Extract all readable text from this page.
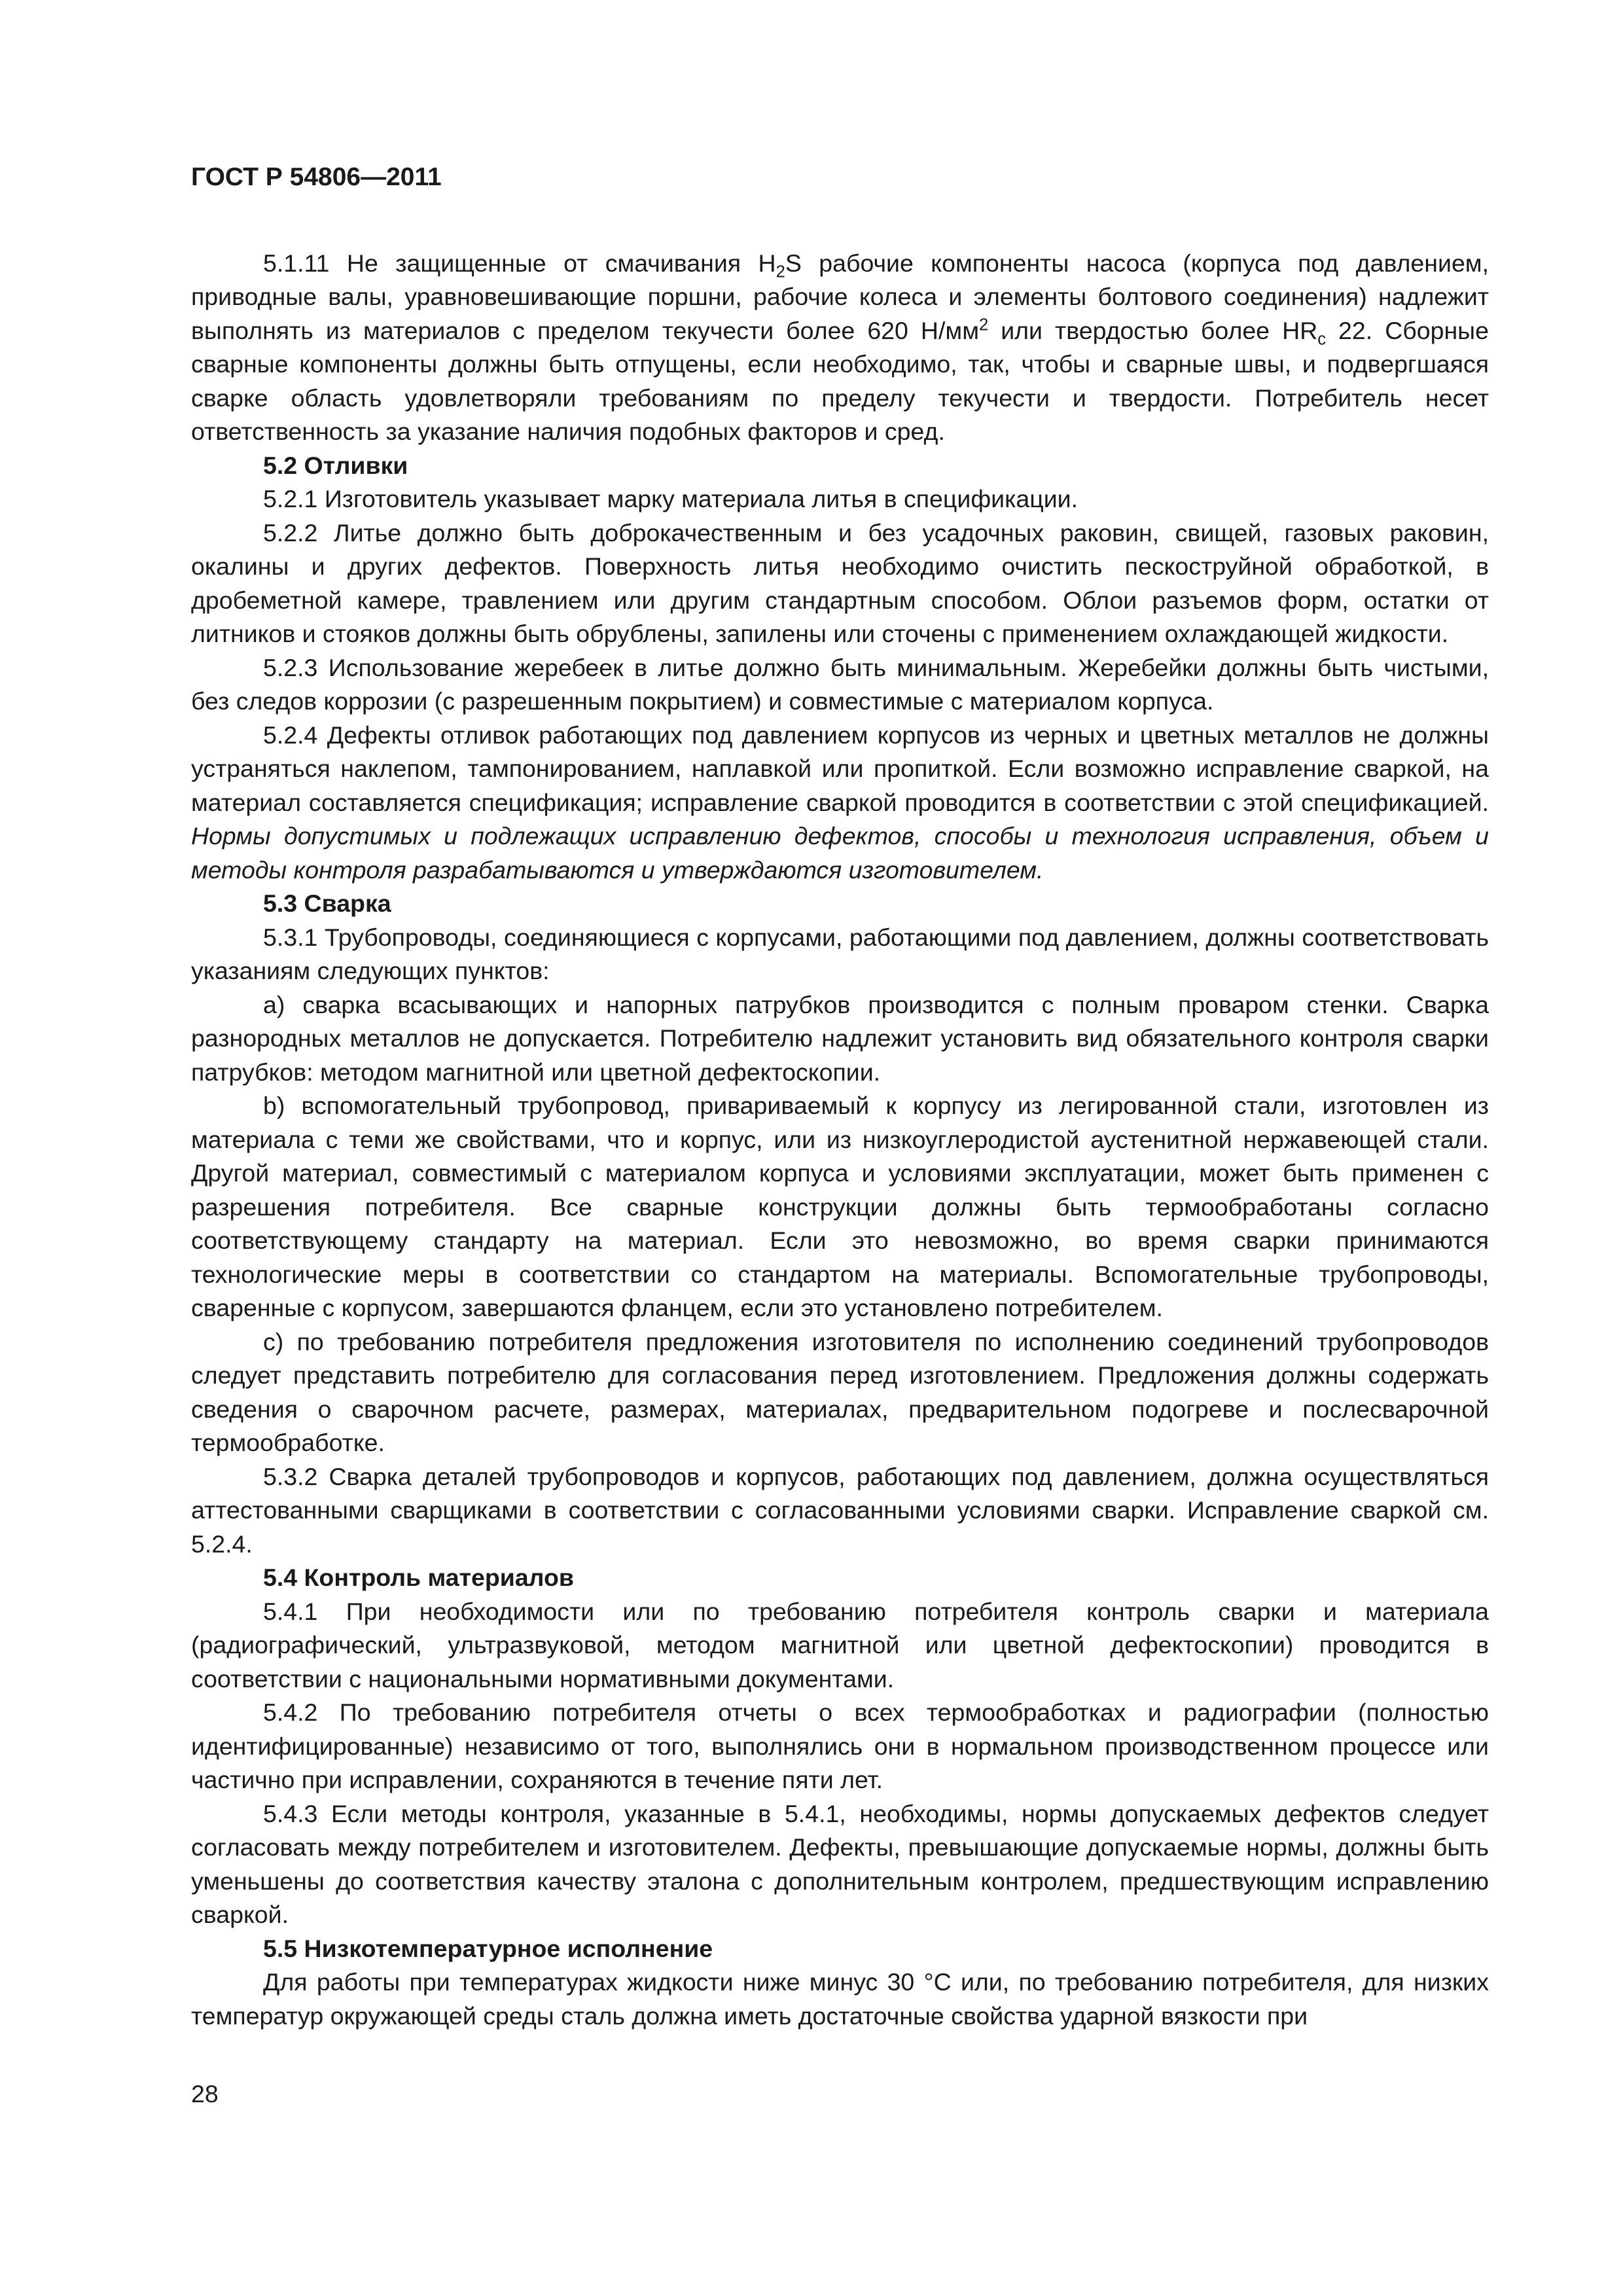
ГОСТ Р 54806—2011

5.1.11 Не защищенные от смачивания $H_2S$ рабочие компоненты насоса (корпуса под давлением, приводные валы, уравновешивающие поршни, рабочие колеса и элементы болтового соединения) надлежит выполнять из материалов с пределом текучести более 620 $Н/мм^2$ или твердостью более $HR_c$ 22. Сборные сварные компоненты должны быть отпущены, если необходимо, так, чтобы и сварные швы, и подвергшаяся сварке область удовлетворяли требованиям по пределу текучести и твердости. Потребитель несет ответственность за указание наличия подобных факторов и сред.

5.2 Отливки

5.2.1 Изготовитель указывает марку материала литья в спецификации.

5.2.2 Литье должно быть доброкачественным и без усадочных раковин, свищей, газовых раковин, окалины и других дефектов. Поверхность литья необходимо очистить пескоструйной обработкой, в дробеметной камере, травлением или другим стандартным способом. Облои разъемов форм, остатки от литников и стояков должны быть обрублены, запилены или сточены с применением охлаждающей жидкости.

5.2.3 Использование жеребеек в литье должно быть минимальным. Жеребейки должны быть чистыми, без следов коррозии (с разрешенным покрытием) и совместимые с материалом корпуса.

5.2.4 Дефекты отливок работающих под давлением корпусов из черных и цветных металлов не должны устраняться наклепом, тампонированием, наплавкой или пропиткой. Если возможно исправление сваркой, на материал составляется спецификация; исправление сваркой проводится в соответствии с этой спецификацией. Нормы допустимых и подлежащих исправлению дефектов, способы и технология исправления, объем и методы контроля разрабатываются и утверждаются изготовителем.

5.3 Сварка

5.3.1 Трубопроводы, соединяющиеся с корпусами, работающими под давлением, должны соответствовать указаниям следующих пунктов:

a) сварка всасывающих и напорных патрубков производится с полным проваром стенки. Сварка разнородных металлов не допускается. Потребителю надлежит установить вид обязательного контроля сварки патрубков: методом магнитной или цветной дефектоскопии.

b) вспомогательный трубопровод, привариваемый к корпусу из легированной стали, изготовлен из материала с теми же свойствами, что и корпус, или из низкоуглеродистой аустенитной нержавеющей стали. Другой материал, совместимый с материалом корпуса и условиями эксплуатации, может быть применен с разрешения потребителя. Все сварные конструкции должны быть термообработаны согласно соответствующему стандарту на материал. Если это невозможно, во время сварки принимаются технологические меры в соответствии со стандартом на материалы. Вспомогательные трубопроводы, сваренные с корпусом, завершаются фланцем, если это установлено потребителем.

c) по требованию потребителя предложения изготовителя по исполнению соединений трубопроводов следует представить потребителю для согласования перед изготовлением. Предложения должны содержать сведения о сварочном расчете, размерах, материалах, предварительном подогреве и послесварочной термообработке.

5.3.2 Сварка деталей трубопроводов и корпусов, работающих под давлением, должна осуществляться аттестованными сварщиками в соответствии с согласованными условиями сварки. Исправление сваркой см. 5.2.4.

5.4 Контроль материалов

5.4.1 При необходимости или по требованию потребителя контроль сварки и материала (радиографический, ультразвуковой, методом магнитной или цветной дефектоскопии) проводится в соответствии с национальными нормативными документами.

5.4.2 По требованию потребителя отчеты о всех термообработках и радиографии (полностью идентифицированные) независимо от того, выполнялись они в нормальном производственном процессе или частично при исправлении, сохраняются в течение пяти лет.

5.4.3 Если методы контроля, указанные в 5.4.1, необходимы, нормы допускаемых дефектов следует согласовать между потребителем и изготовителем. Дефекты, превышающие допускаемые нормы, должны быть уменьшены до соответствия качеству эталона с дополнительным контролем, предшествующим исправлению сваркой.

5.5 Низкотемпературное исполнение

Для работы при температурах жидкости ниже минус 30 °С или, по требованию потребителя, для низких температур окружающей среды сталь должна иметь достаточные свойства ударной вязкости при

28
